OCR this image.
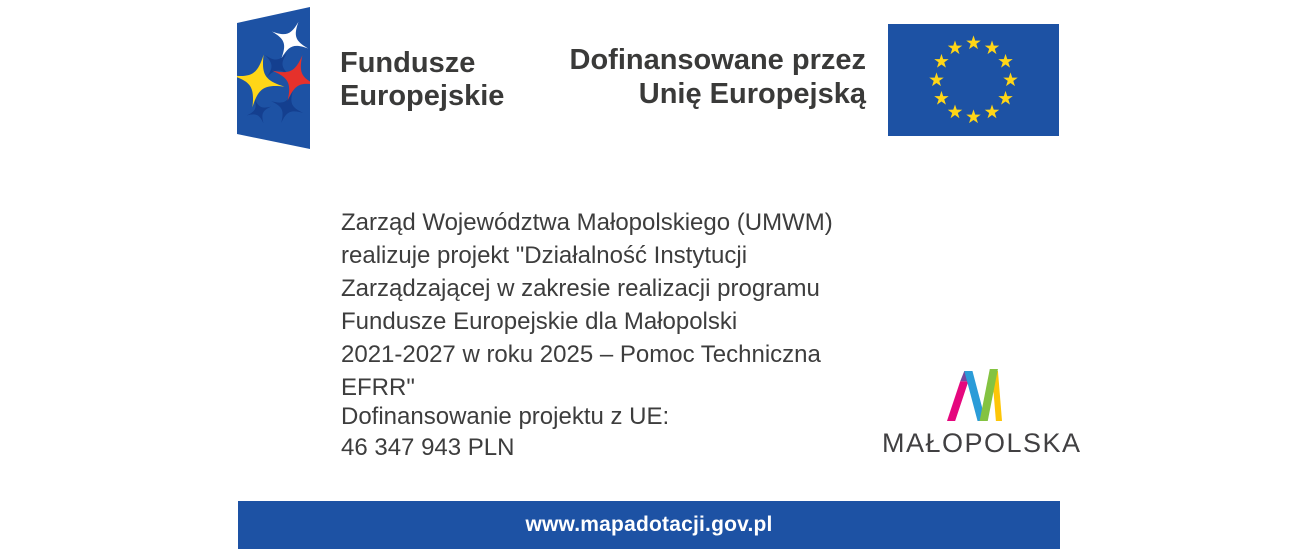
Fundusze
Europejskie
Dofinansowane przez
Unię Europejską
Zarząd Województwa Małopolskiego (UMWM)
realizuje projekt "Działalność Instytucji
Zarządzającej w zakresie realizacji programu
Fundusze Europejskie dla Małopolski
2021-2027 w roku 2025 – Pomoc Techniczna
EFRR"
Dofinansowanie projektu z UE:
46 347 943 PLN	MAŁOPOLSKA
www.mapadotacji.gov.pl
